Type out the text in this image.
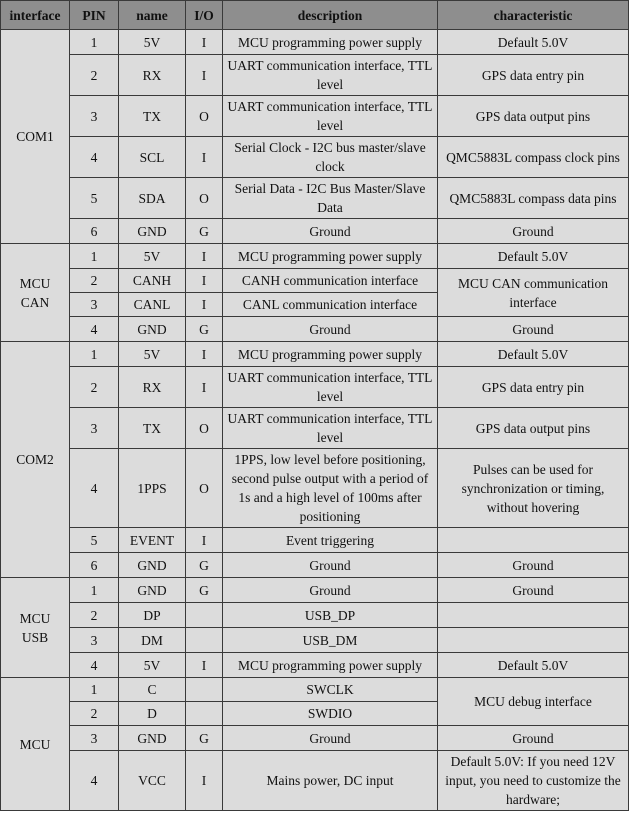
interface	PIN	name	I/O	description	characteristic
COM1	1	5V	I	MCU programming power supply	Default 5.0V
	2	RX	I	UART communication interface, TTL level	GPS data entry pin
	3	TX	O	UART communication interface, TTL level	GPS data output pins
	4	SCL	I	Serial Clock - I2C bus master/slave clock	QMC5883L compass clock pins
	5	SDA	O	Serial Data - I2C Bus Master/Slave Data	QMC5883L compass data pins
	6	GND	G	Ground	Ground
MCU CAN	1	5V	I	MCU programming power supply	Default 5.0V
	2	CANH	I	CANH communication interface	MCU CAN communication interface
	3	CANL	I	CANL communication interface	
	4	GND	G	Ground	Ground
COM2	1	5V	I	MCU programming power supply	Default 5.0V
	2	RX	I	UART communication interface, TTL level	GPS data entry pin
	3	TX	O	UART communication interface, TTL level	GPS data output pins
	4	1PPS	O	1PPS, low level before positioning, second pulse output with a period of 1s and a high level of 100ms after positioning	Pulses can be used for synchronization or timing, without hovering
	5	EVENT	I	Event triggering	
	6	GND	G	Ground	Ground
MCU USB	1	GND	G	Ground	Ground
	2	DP		USB_DP	
	3	DM		USB_DM	
	4	5V	I	MCU programming power supply	Default 5.0V
MCU	1	C		SWCLK	MCU debug interface
	2	D		SWDIO	
	3	GND	G	Ground	Ground
	4	VCC	I	Mains power, DC input	Default 5.0V: If you need 12V input, you need to customize the hardware;
